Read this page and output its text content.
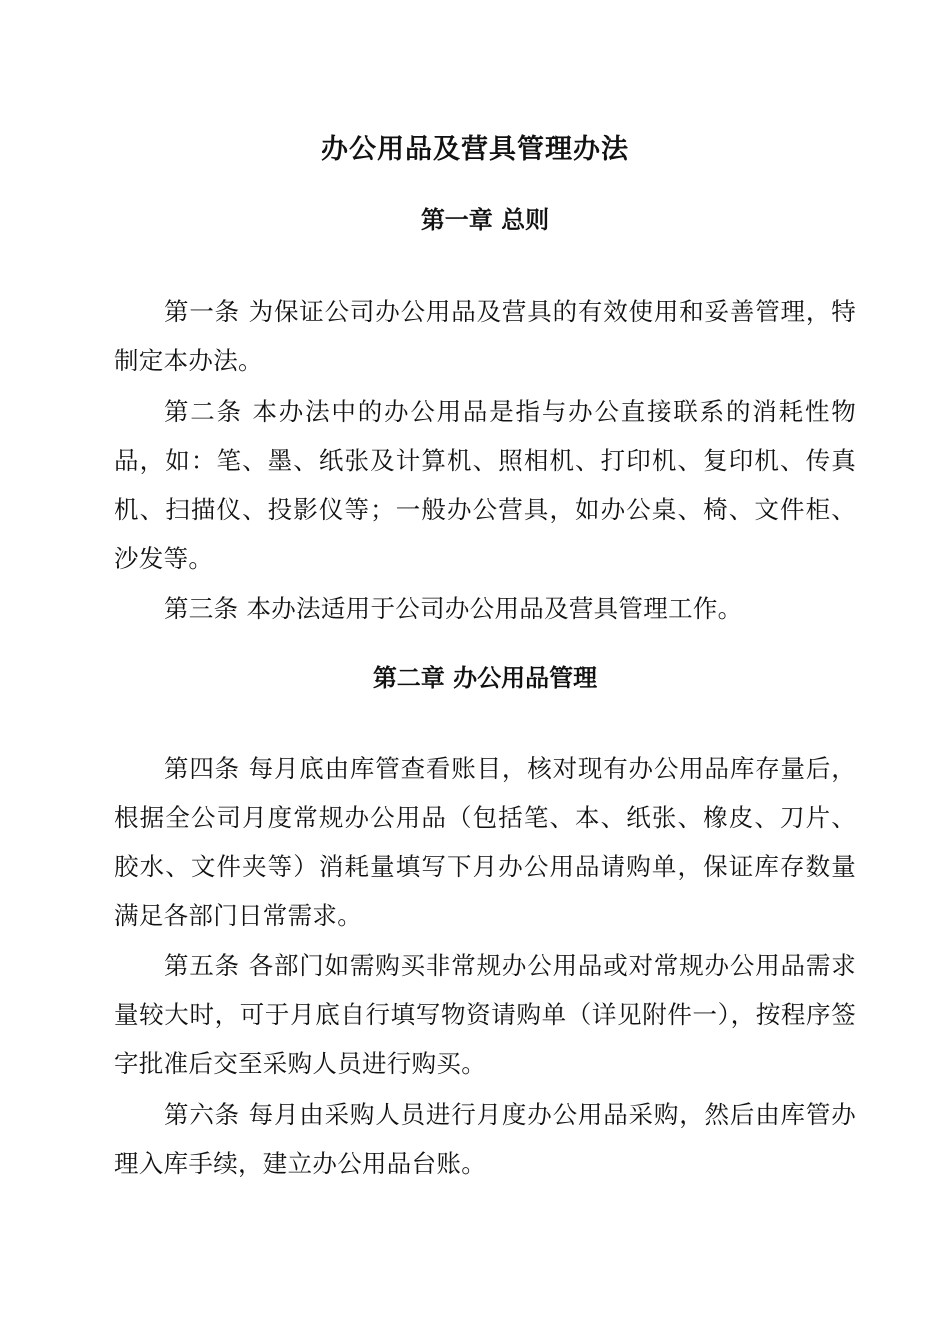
办公用品及营具管理办法
第一章 总则

第一条 为保证公司办公用品及营具的有效使用和妥善管理，特制定本办法。

第二条 本办法中的办公用品是指与办公直接联系的消耗性物品，如：笔、墨、纸张及计算机、照相机、打印机、复印机、传真机、扫描仪、投影仪等；一般办公营具，如办公桌、椅、文件柜、沙发等。

第三条 本办法适用于公司办公用品及营具管理工作。

第二章 办公用品管理

第四条 每月底由库管查看账目，核对现有办公用品库存量后，根据全公司月度常规办公用品（包括笔、本、纸张、橡皮、刀片、胶水、文件夹等）消耗量填写下月办公用品请购单，保证库存数量满足各部门日常需求。

第五条 各部门如需购买非常规办公用品或对常规办公用品需求量较大时，可于月底自行填写物资请购单（详见附件一），按程序签字批准后交至采购人员进行购买。

第六条 每月由采购人员进行月度办公用品采购，然后由库管办理入库手续，建立办公用品台账。
